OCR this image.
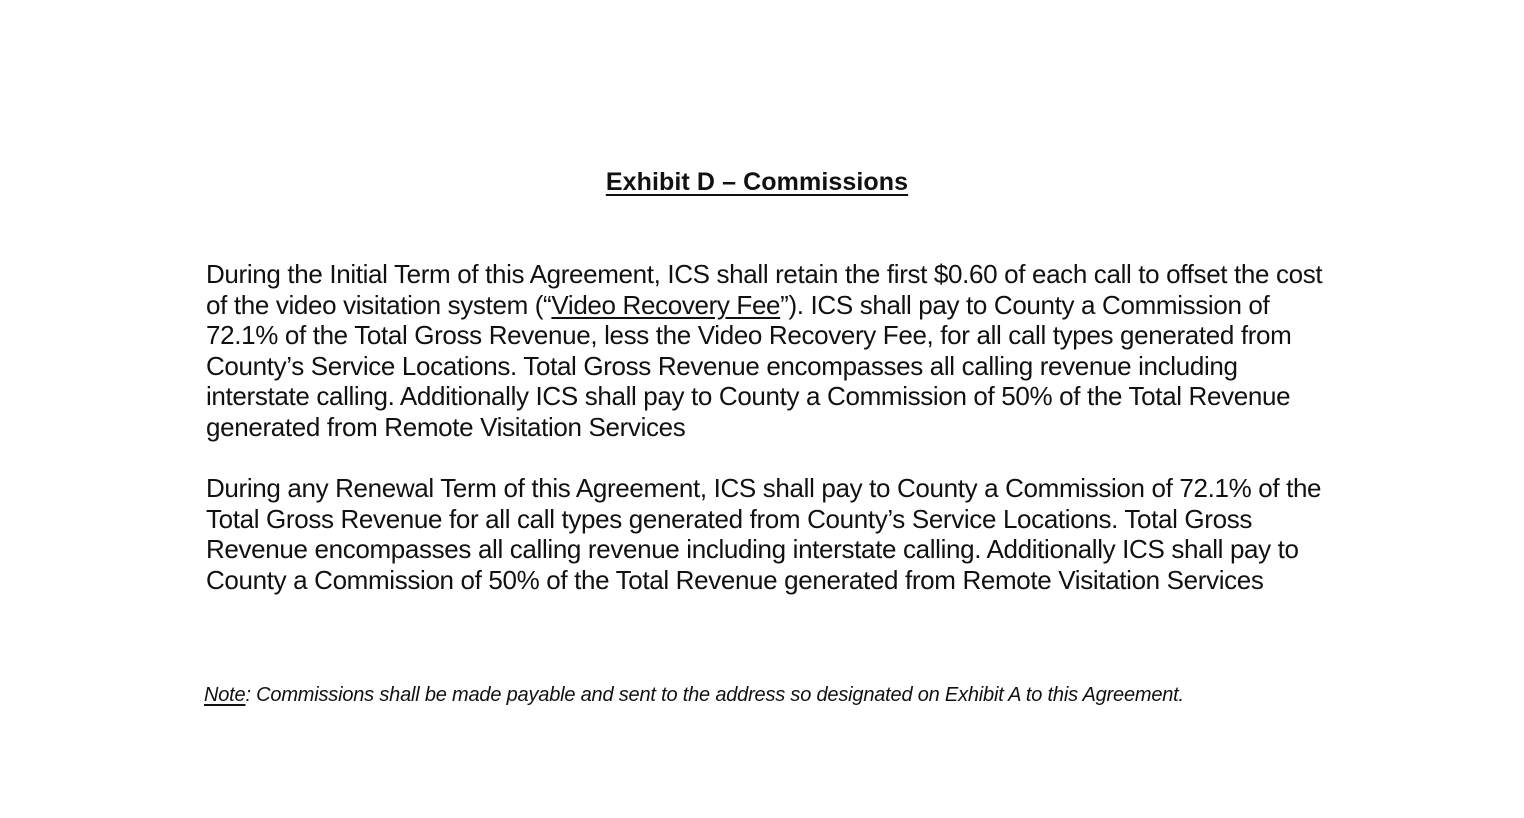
Exhibit D – Commissions

During the Initial Term of this Agreement, ICS shall retain the first $0.60 of each call to offset the cost of the video visitation system (“Video Recovery Fee”). ICS shall pay to County a Commission of 72.1% of the Total Gross Revenue, less the Video Recovery Fee, for all call types generated from County’s Service Locations. Total Gross Revenue encompasses all calling revenue including interstate calling. Additionally ICS shall pay to County a Commission of 50% of the Total Revenue generated from Remote Visitation Services

During any Renewal Term of this Agreement, ICS shall pay to County a Commission of 72.1% of the Total Gross Revenue for all call types generated from County’s Service Locations. Total Gross Revenue encompasses all calling revenue including interstate calling. Additionally ICS shall pay to County a Commission of 50% of the Total Revenue generated from Remote Visitation Services

Note: Commissions shall be made payable and sent to the address so designated on Exhibit A to this Agreement.
